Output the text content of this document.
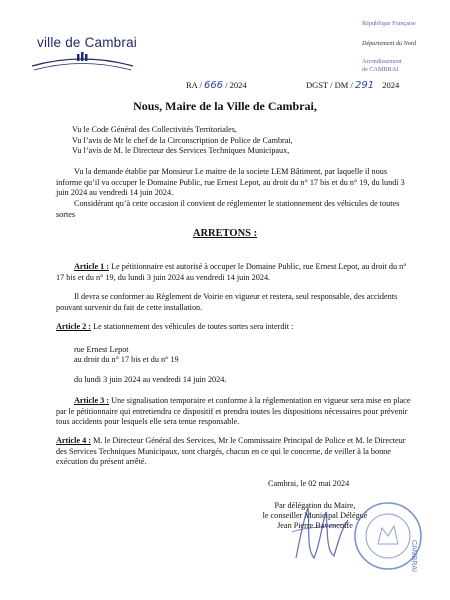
ville de Cambrai
République Française
Département du Nord
Arrondissement
de CAMBRAI
RA / 666 / 2024	DGST / DM / 291 2024
Nous, Maire de la Ville de Cambrai,
Vu le Code Général des Collectivités Territoriales,
Vu l’avis de Mr le chef de la Circonscription de Police de Cambrai,
Vu l’avis de M. le Directeur des Services Techniques Municipaux,
Vu la demande établie par Monsieur Le maitre de la societe LEM Bâtiment, par laquelle il nous informe qu’il va occuper le Domaine Public, rue Ernest Lepot, au droit du n° 17 bis et du n° 19, du lundi 3 juin 2024 au vendredi 14 juin 2024.
Considérant qu’à cette occasion il convient de réglementer le stationnement des véhicules de toutes sortes
ARRETONS :
Article 1 : Le pétitionnaire est autorisé à occuper le Domaine Public, rue Ernest Lepot, au droit du n° 17 bis et du n° 19, du lundi 3 juin 2024 au vendredi 14 juin 2024.
Il devra se conformer au Règlement de Voirie en vigueur et restera, seul responsable, des accidents pouvant survenir du fait de cette installation.
Article 2 : Le stationnement des véhicules de toutes sortes sera interdit :
rue Ernest Lepot
au droit du n° 17 bis et du n° 19
du lundi 3 juin 2024 au vendredi 14 juin 2024.
Article 3 : Une signalisation temporaire et conforme à la réglementation en vigueur sera mise en place par le pétitionnaire qui entretiendra ce dispositif et prendra toutes les dispositions nécessaires pour prévenir tous accidents pour lesquels elle sera tenue responsable.
Article 4 : M. le Directeur Général des Services, Mr le Commissaire Principal de Police et M. le Directeur des Services Techniques Municipaux, sont chargés, chacun en ce qui le concerne, de veiller à la bonne exécution du présent arrêté.
Cambrai, le 02 mai 2024
Par délégation du Maire,
le conseiller Municipal Délégué
Jean Pierre Bavencoffe
CAMBRAI
